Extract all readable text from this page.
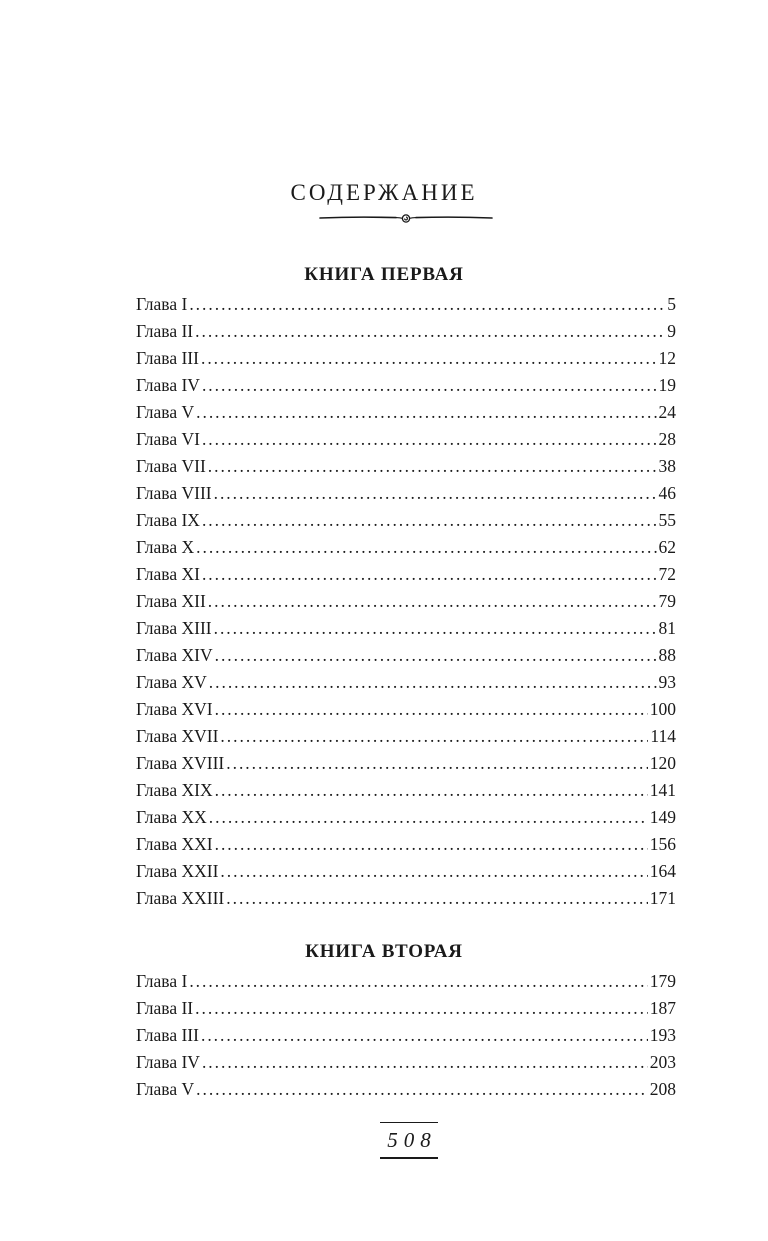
СОДЕРЖАНИЕ
КНИГА ПЕРВАЯ
Глава I . . .	5
Глава II . . .	9
Глава III . . .	12
Глава IV . . .	19
Глава V . . .	24
Глава VI . . .	28
Глава VII . . .	38
Глава VIII . . .	46
Глава IX . . .	55
Глава X . . .	62
Глава XI . . .	72
Глава XII . . .	79
Глава XIII . . .	81
Глава XIV . . .	88
Глава XV . . .	93
Глава XVI . . .	100
Глава XVII . . .	114
Глава XVIII . . .	120
Глава XIX . . .	141
Глава XX . . .	149
Глава XXI . . .	156
Глава XXII . . .	164
Глава XXIII . . .	171
КНИГА ВТОРАЯ
Глава I . . .	179
Глава II . . .	187
Глава III . . .	193
Глава IV . . .	203
Глава V . . .	208
508
